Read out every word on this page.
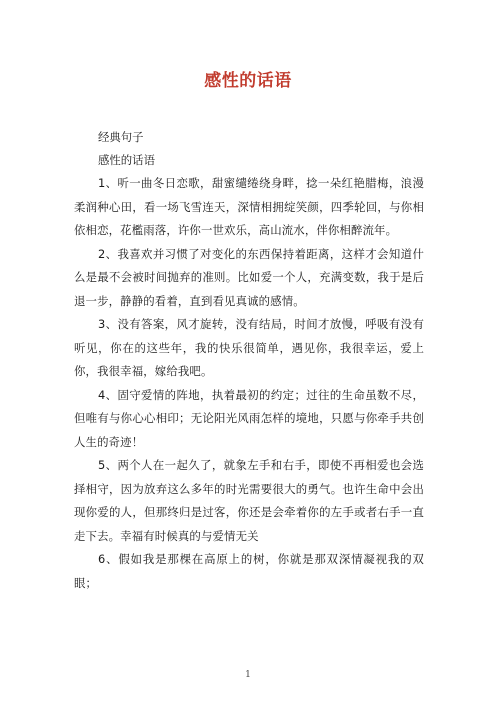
感性的话语
经典句子
感性的话语

1、听一曲冬日恋歌，甜蜜缱绻绕身畔，捻一朵红艳腊梅，浪漫柔润种心田，看一场飞雪连天，深情相拥绽笑颜，四季轮回，与你相依相恋，花檻雨落，许你一世欢乐，高山流水，伴你相醉流年。

2、我喜欢并习惯了对变化的东西保持着距离，这样才会知道什么是最不会被时间抛弃的准则。比如爱一个人，充满变数，我于是后退一步，静静的看着，直到看见真诚的感情。

3、没有答案，风才旋转，没有结局，时间才放慢，呼吸有没有听见，你在的这些年，我的快乐很简单，遇见你，我很幸运，爱上你，我很幸福，嫁给我吧。

4、固守爱情的阵地，执着最初的约定；过往的生命虽数不尽，但唯有与你心心相印；无论阳光风雨怎样的境地，只愿与你牵手共创人生的奇迹！

5、两个人在一起久了，就象左手和右手，即使不再相爱也会选择相守，因为放弃这么多年的时光需要很大的勇气。也许生命中会出现你爱的人，但那终归是过客，你还是会牵着你的左手或者右手一直走下去。幸福有时候真的与爱情无关

6、假如我是那棵在高原上的树，你就是那双深情凝视我的双眼；

1
